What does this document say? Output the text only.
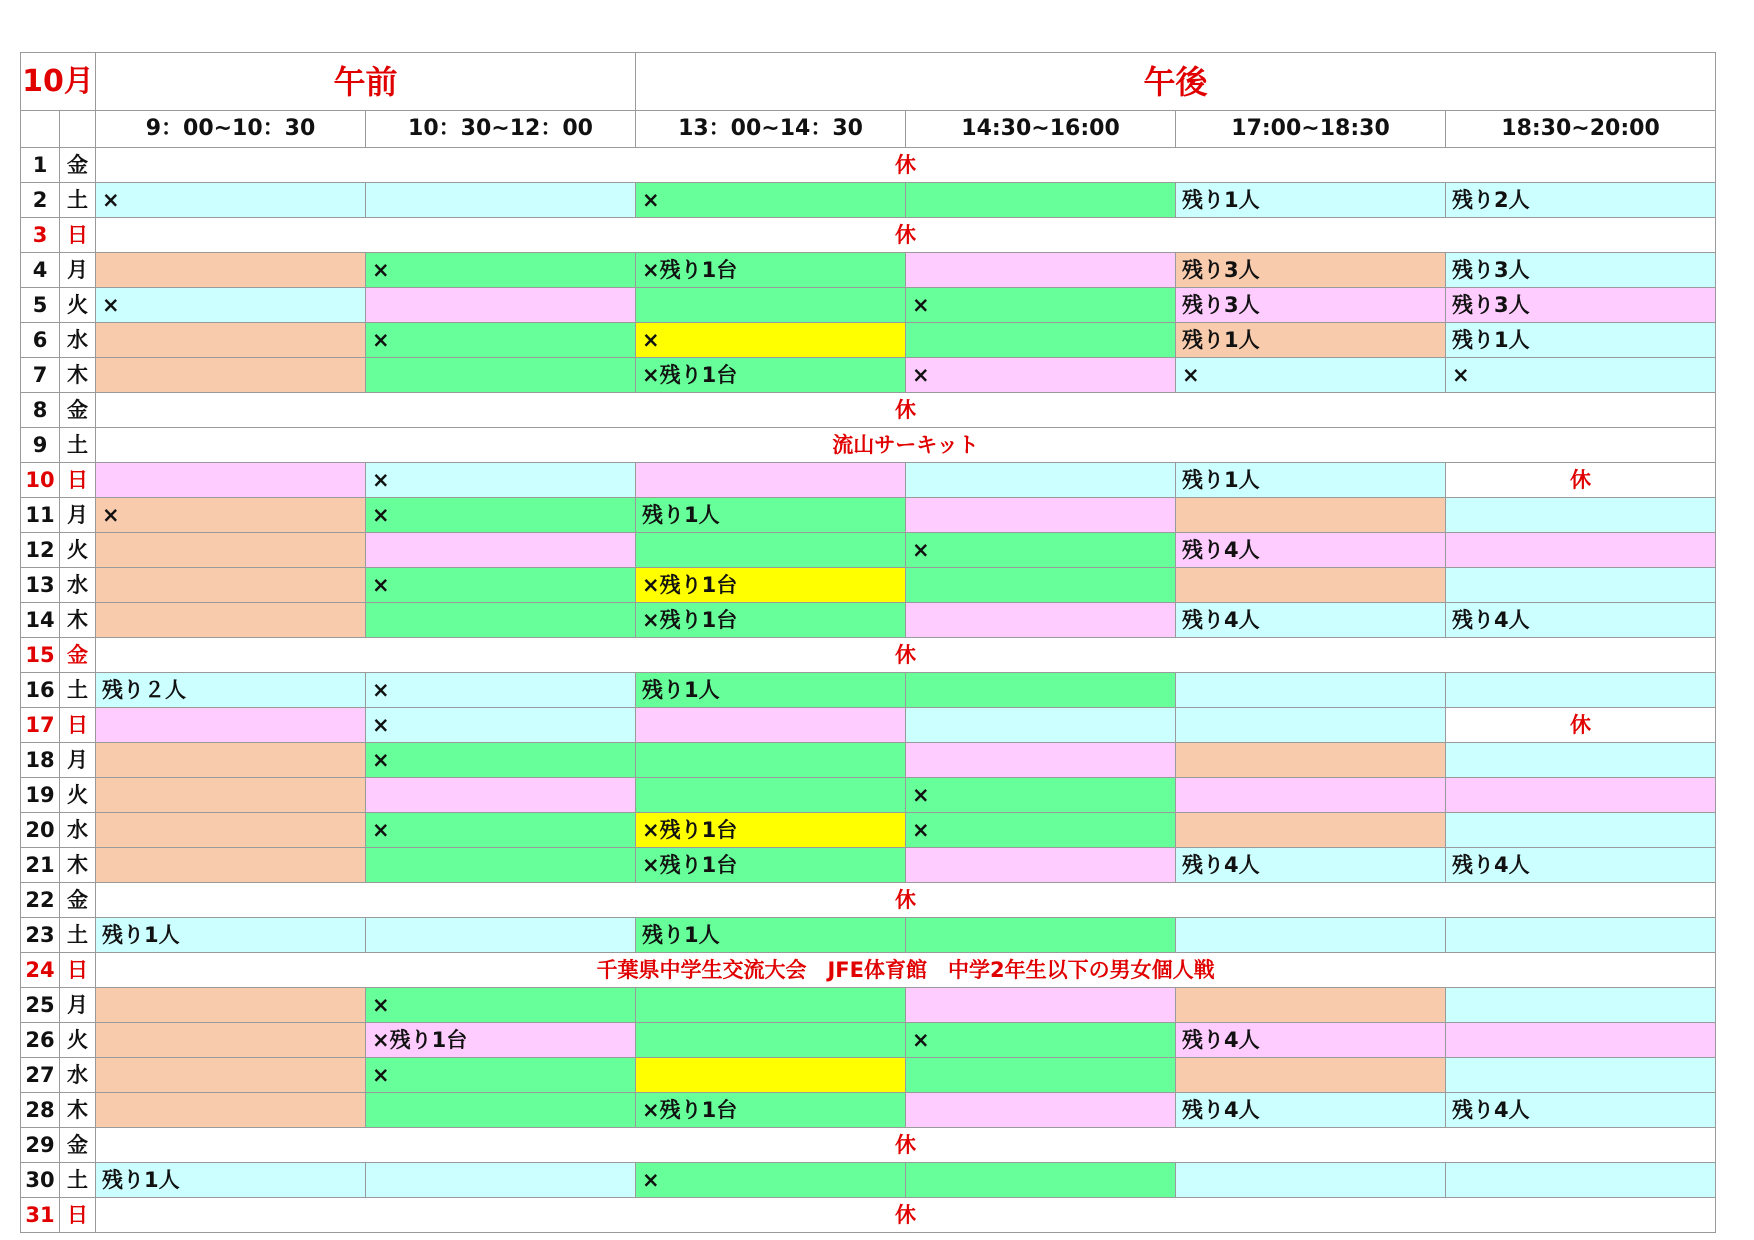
10月		午前		午後			
		9：00~10：30	10：30~12：00	13：00~14：30	14:30~16:00	17:00~18:30	18:30~20:00
1	金	休					
2	土	×		×		残り1人	残り2人
3	日	休					
4	月		×	×残り1台		残り3人	残り3人
5	火	×			×	残り3人	残り3人
6	水		×	×		残り1人	残り1人
7	木			×残り1台	×	×	×
8	金	休					
9	土	流山サーキット					
10	日		×			残り1人	休
11	月	×	×	残り1人			
12	火				×	残り4人	
13	水		×	×残り1台			
14	木			×残り1台		残り4人	残り4人
15	金	休					
16	土	残り２人	×	残り1人			
17	日		×				休
18	月		×				
19	火				×		
20	水		×	×残り1台	×		
21	木			×残り1台		残り4人	残り4人
22	金	休					
23	土	残り1人		残り1人			
24	日	千葉県中学生交流大会　JFE体育館　中学2年生以下の男女個人戦					
25	月		×				
26	火		×残り1台		×	残り4人	
27	水		×				
28	木			×残り1台		残り4人	残り4人
29	金	休					
30	土	残り1人		×			
31	日	休					
